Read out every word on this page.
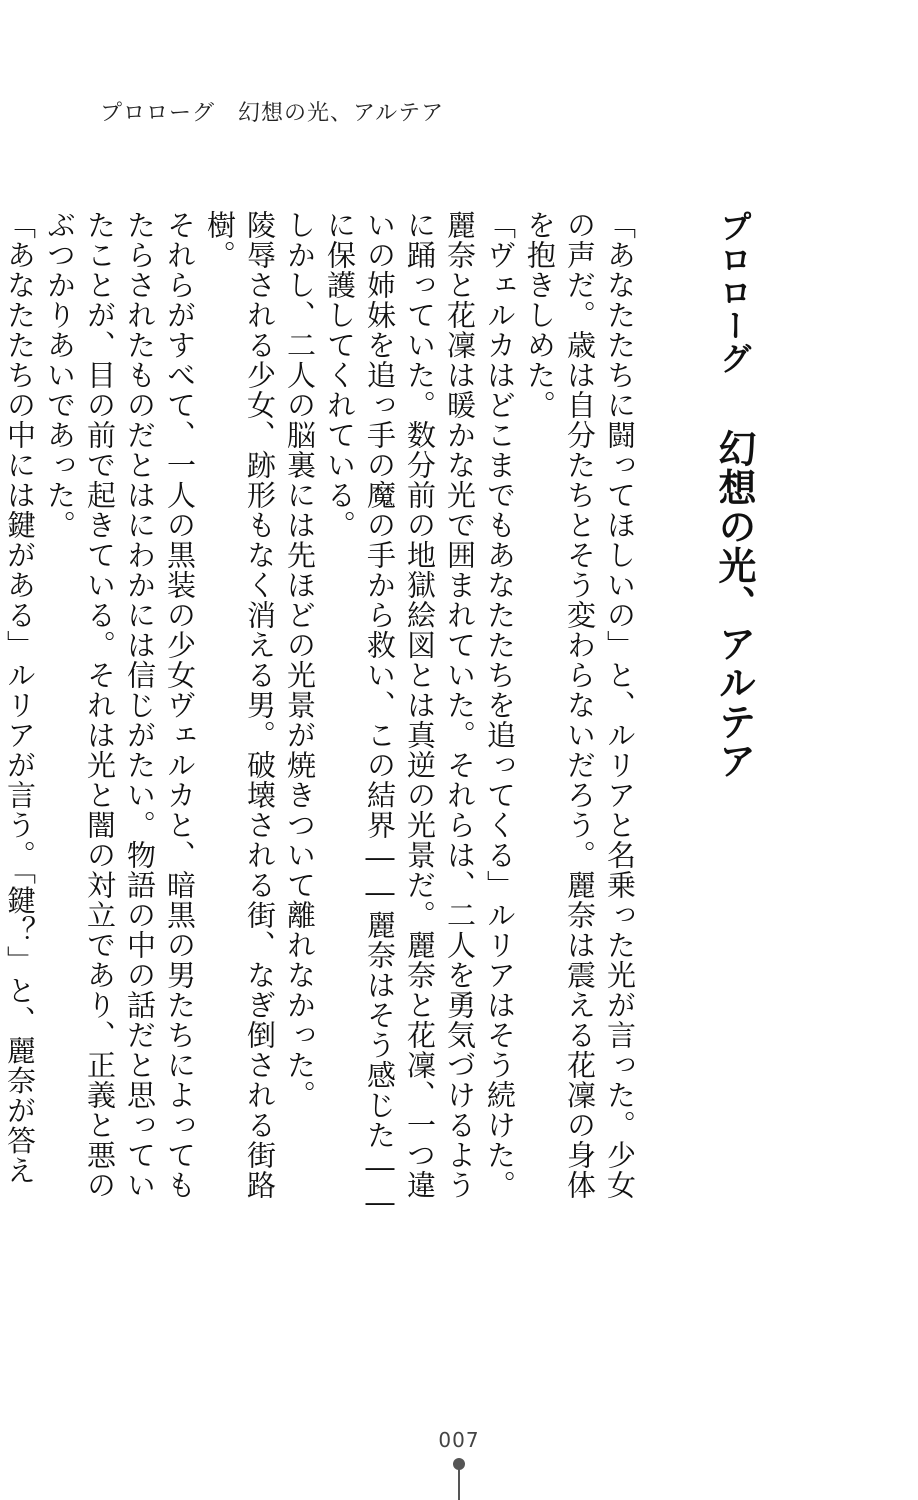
プロローグ　幻想の光、アルテア
プロローグ幻想の光、アルテア

「あなたたちに闘ってほしいの」と、ルリアと名乗った光が言った。少女の声だ。歳は自分たちとそう変わらないだろう。麗奈は震える花凜の身体を抱きしめた。

「ヴェルカはどこまでもあなたたちを追ってくる」ルリアはそう続けた。

麗奈と花凜は暖かな光で囲まれていた。それらは、二人を勇気づけるように踊っていた。数分前の地獄絵図とは真逆の光景だ。麗奈と花凜、一つ違いの姉妹を追っ手の魔の手から救い、この結界――麗奈はそう感じた――に保護してくれている。

しかし、二人の脳裏には先ほどの光景が焼きついて離れなかった。

陵辱される少女、跡形もなく消える男。破壊される街、なぎ倒される街路樹。

それらがすべて、一人の黒装の少女ヴェルカと、暗黒の男たちによってもたらされたものだとはにわかには信じがたい。物語の中の話だと思っていたことが、目の前で起きている。それは光と闇の対立であり、正義と悪のぶつかりあいであった。

「あなたたちの中には鍵がある」ルリアが言う。「鍵？」と、麗奈が答え

007
